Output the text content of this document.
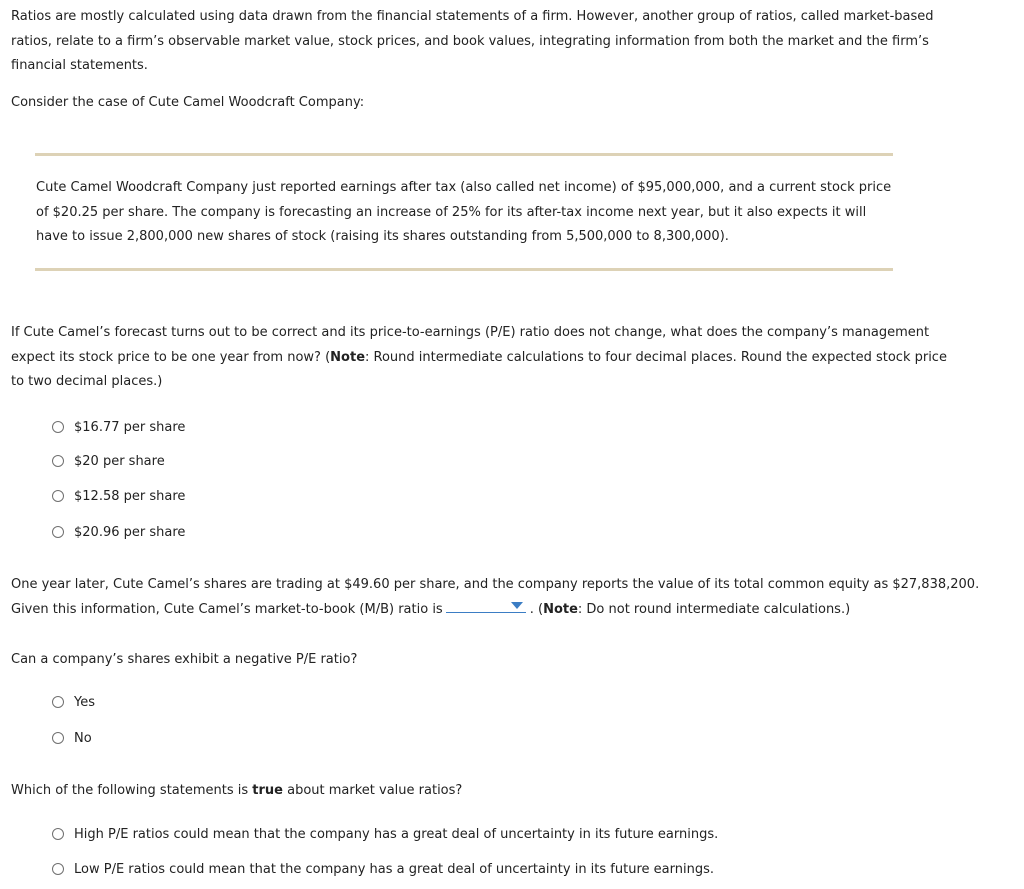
Ratios are mostly calculated using data drawn from the financial statements of a firm. However, another group of ratios, called market-based ratios, relate to a firm’s observable market value, stock prices, and book values, integrating information from both the market and the firm’s financial statements.

Consider the case of Cute Camel Woodcraft Company:

Cute Camel Woodcraft Company just reported earnings after tax (also called net income) of $95,000,000, and a current stock price of $20.25 per share. The company is forecasting an increase of 25% for its after-tax income next year, but it also expects it will have to issue 2,800,000 new shares of stock (raising its shares outstanding from 5,500,000 to 8,300,000).

If Cute Camel’s forecast turns out to be correct and its price-to-earnings (P/E) ratio does not change, what does the company’s management expect its stock price to be one year from now? (Note: Round intermediate calculations to four decimal places. Round the expected stock price to two decimal places.)

$16.77 per share
$20 per share
$12.58 per share
$20.96 per share

One year later, Cute Camel’s shares are trading at $49.60 per share, and the company reports the value of its total common equity as $27,838,200.
Given this information, Cute Camel’s market-to-book (M/B) ratio is	. (Note: Do not round intermediate calculations.)

Can a company’s shares exhibit a negative P/E ratio?

Yes
No

Which of the following statements is true about market value ratios?

High P/E ratios could mean that the company has a great deal of uncertainty in its future earnings.
Low P/E ratios could mean that the company has a great deal of uncertainty in its future earnings.
